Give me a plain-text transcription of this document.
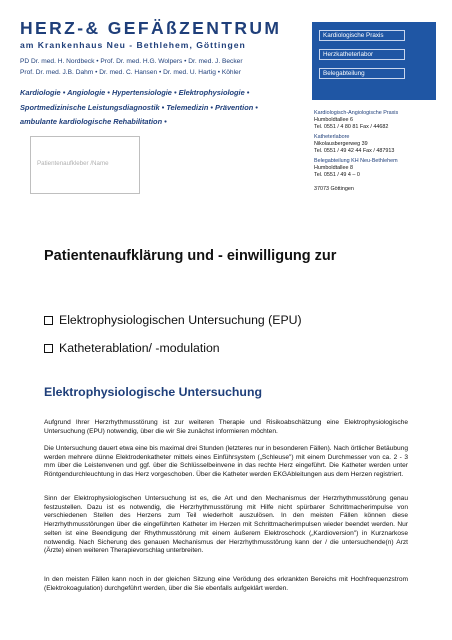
HERZ-& GEFÄßZENTRUM
am Krankenhaus Neu - Bethlehem, Göttingen
PD Dr. med. H. Nordbeck • Prof. Dr. med. H.G. Wolpers • Dr. med. J. Becker
Prof. Dr. med. J.B. Dahm • Dr. med. C. Hansen • Dr. med. U. Hartig • Köhler
Kardiologie • Angiologie • Hypertensiologie • Elektrophysiologie •
Sportmedizinische Leistungsdiagnostik • Telemedizin • Prävention •
ambulante kardiologische Rehabilitation •
Kardiologische Praxis
Herzkatheterlabor
Belegabteilung
Kardiologisch-Angiologische Praxis
Humboldtallee 6
Tel. 0551 / 4 80 81 Fax / 44682
Katheterlabore
Nikolausbergerweg 39
Tel. 0551 / 49 42 44 Fax / 487913
Belegabteilung KH Neu-Bethlehem
Humboldtallee 8
Tel. 0551 / 49 4 – 0
37073 Göttingen
Patientenaufkleber /Name
Patientenaufklärung und - einwilligung zur
Elektrophysiologischen Untersuchung (EPU)
Katheterablation/ -modulation
Elektrophysiologische Untersuchung
Aufgrund Ihrer Herzrhythmusstörung ist zur weiteren Therapie und Risikoabschätzung eine Elektrophysiologische Untersuchung (EPU) notwendig, über die wir Sie zunächst informieren möchten.
Die Untersuchung dauert etwa eine bis maximal drei Stunden (letzteres nur in besonderen Fällen). Nach örtlicher Betäubung werden mehrere dünne Elektrodenkatheter mittels eines Einführsystem („Schleuse") mit einem Durchmesser von ca. 2 - 3 mm über die Leistenvenen und ggf. über die Schlüsselbeinvene in das rechte Herz eingeführt. Die Katheter werden unter Röntgendurchleuchtung in das Herz vorgeschoben. Über die Katheter werden EKGAbleitungen aus dem Herzen registriert.
Sinn der Elektrophysiologischen Untersuchung ist es, die Art und den Mechanismus der Herzrhythmusstörung genau festzustellen. Dazu ist es notwendig, die Herzrhythmusstörung mit Hilfe nicht spürbarer Schrittmacherimpulse von verschiedenen Stellen des Herzens zum Teil wiederholt auszulösen. In den meisten Fällen können diese Herzrhythmusstörungen über die eingeführten Katheter im Herzen mit Schrittmacherimpulsen wieder beendet werden. Nur selten ist eine Beendigung der Rhythmusstörung mit einem äußerem Elektroschock („Kardioversion") in Kurznarkose notwendig. Nach Sicherung des genauen Mechanismus der Herzrhythmusstörung kann der / die untersuchende(n) Arzt (Ärzte) einen weiteren Therapievorschlag unterbreiten.
In den meisten Fällen kann noch in der gleichen Sitzung eine Verödung des erkrankten Bereichs mit Hochfrequenzstrom (Elektrokoagulation) durchgeführt werden, über die Sie ebenfalls aufgeklärt werden.
